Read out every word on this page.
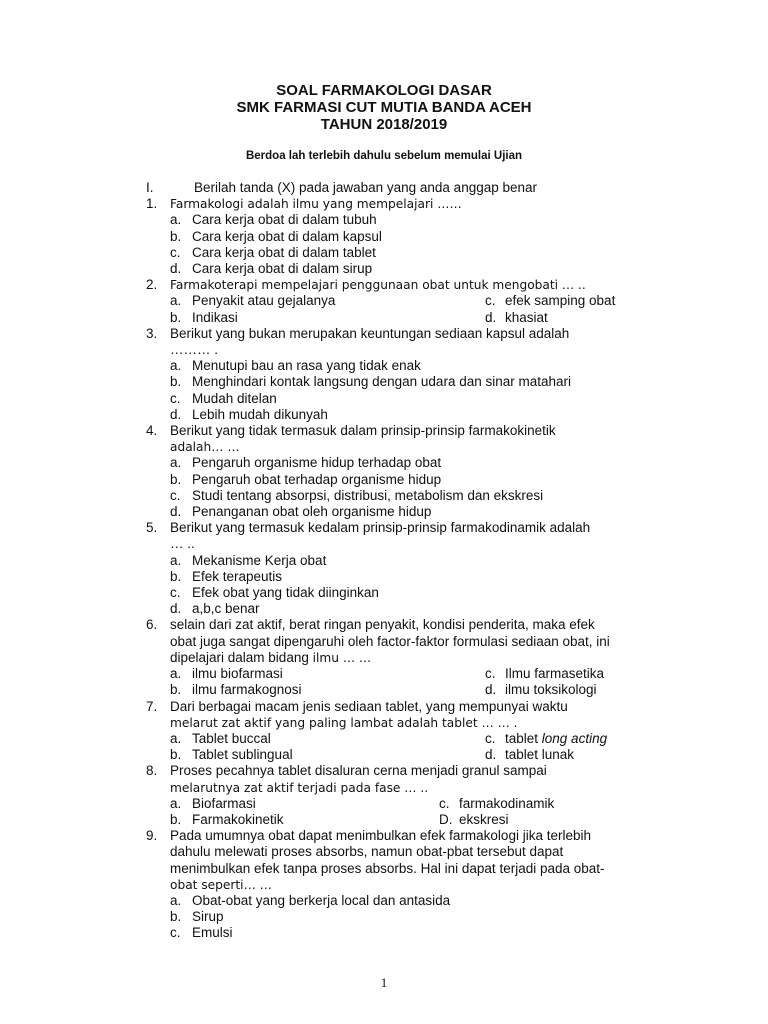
SOAL FARMAKOLOGI DASAR

SMK FARMASI CUT MUTIA BANDA ACEH

TAHUN 2018/2019

Berdoa lah terlebih dahulu sebelum memulai Ujian

I.	Berilah tanda (X) pada jawaban yang anda anggap benar
1. Farmakologi adalah ilmu yang mempelajari ……
a. Cara kerja obat di dalam tubuh
b. Cara kerja obat di dalam kapsul
c. Cara kerja obat di dalam tablet
d. Cara kerja obat di dalam sirup
2. Farmakoterapi mempelajari penggunaan obat untuk mengobati … ..
a. Penyakit atau gejalanya	c. efek samping obat
b. Indikasi	d. khasiat
3. Berikut yang bukan merupakan keuntungan sediaan kapsul adalah
……… .
a. Menutupi bau an rasa yang tidak enak
b. Menghindari kontak langsung dengan udara dan sinar matahari
c. Mudah ditelan
d. Lebih mudah dikunyah
4. Berikut yang tidak termasuk dalam prinsip-prinsip farmakokinetik
adalah… …
a. Pengaruh organisme hidup terhadap obat
b. Pengaruh obat terhadap organisme hidup
c. Studi tentang absorpsi, distribusi, metabolism dan ekskresi
d. Penanganan obat oleh organisme hidup
5. Berikut yang termasuk kedalam prinsip-prinsip farmakodinamik adalah
… ..
a. Mekanisme Kerja obat
b. Efek terapeutis
c. Efek obat yang tidak diinginkan
d. a,b,c benar
6. selain dari zat aktif, berat ringan penyakit, kondisi penderita, maka efek
obat juga sangat dipengaruhi oleh factor-faktor formulasi sediaan obat, ini
dipelajari dalam bidang ilmu … …
a. ilmu biofarmasi	c. Ilmu farmasetika
b. ilmu farmakognosi	d. ilmu toksikologi
7. Dari berbagai macam jenis sediaan tablet, yang mempunyai waktu
melarut zat aktif yang paling lambat adalah tablet … … .
a. Tablet buccal	c. tablet long acting
b. Tablet sublingual	d. tablet lunak
8. Proses pecahnya tablet disaluran cerna menjadi granul sampai
melarutnya zat aktif terjadi pada fase … ..
a. Biofarmasi	c. farmakodinamik
b. Farmakokinetik	D. ekskresi
9. Pada umumnya obat dapat menimbulkan efek farmakologi jika terlebih
dahulu melewati proses absorbs, namun obat-pbat tersebut dapat
menimbulkan efek tanpa proses absorbs. Hal ini dapat terjadi pada obat-
obat seperti… …
a. Obat-obat yang berkerja local dan antasida
b. Sirup
c. Emulsi
1
